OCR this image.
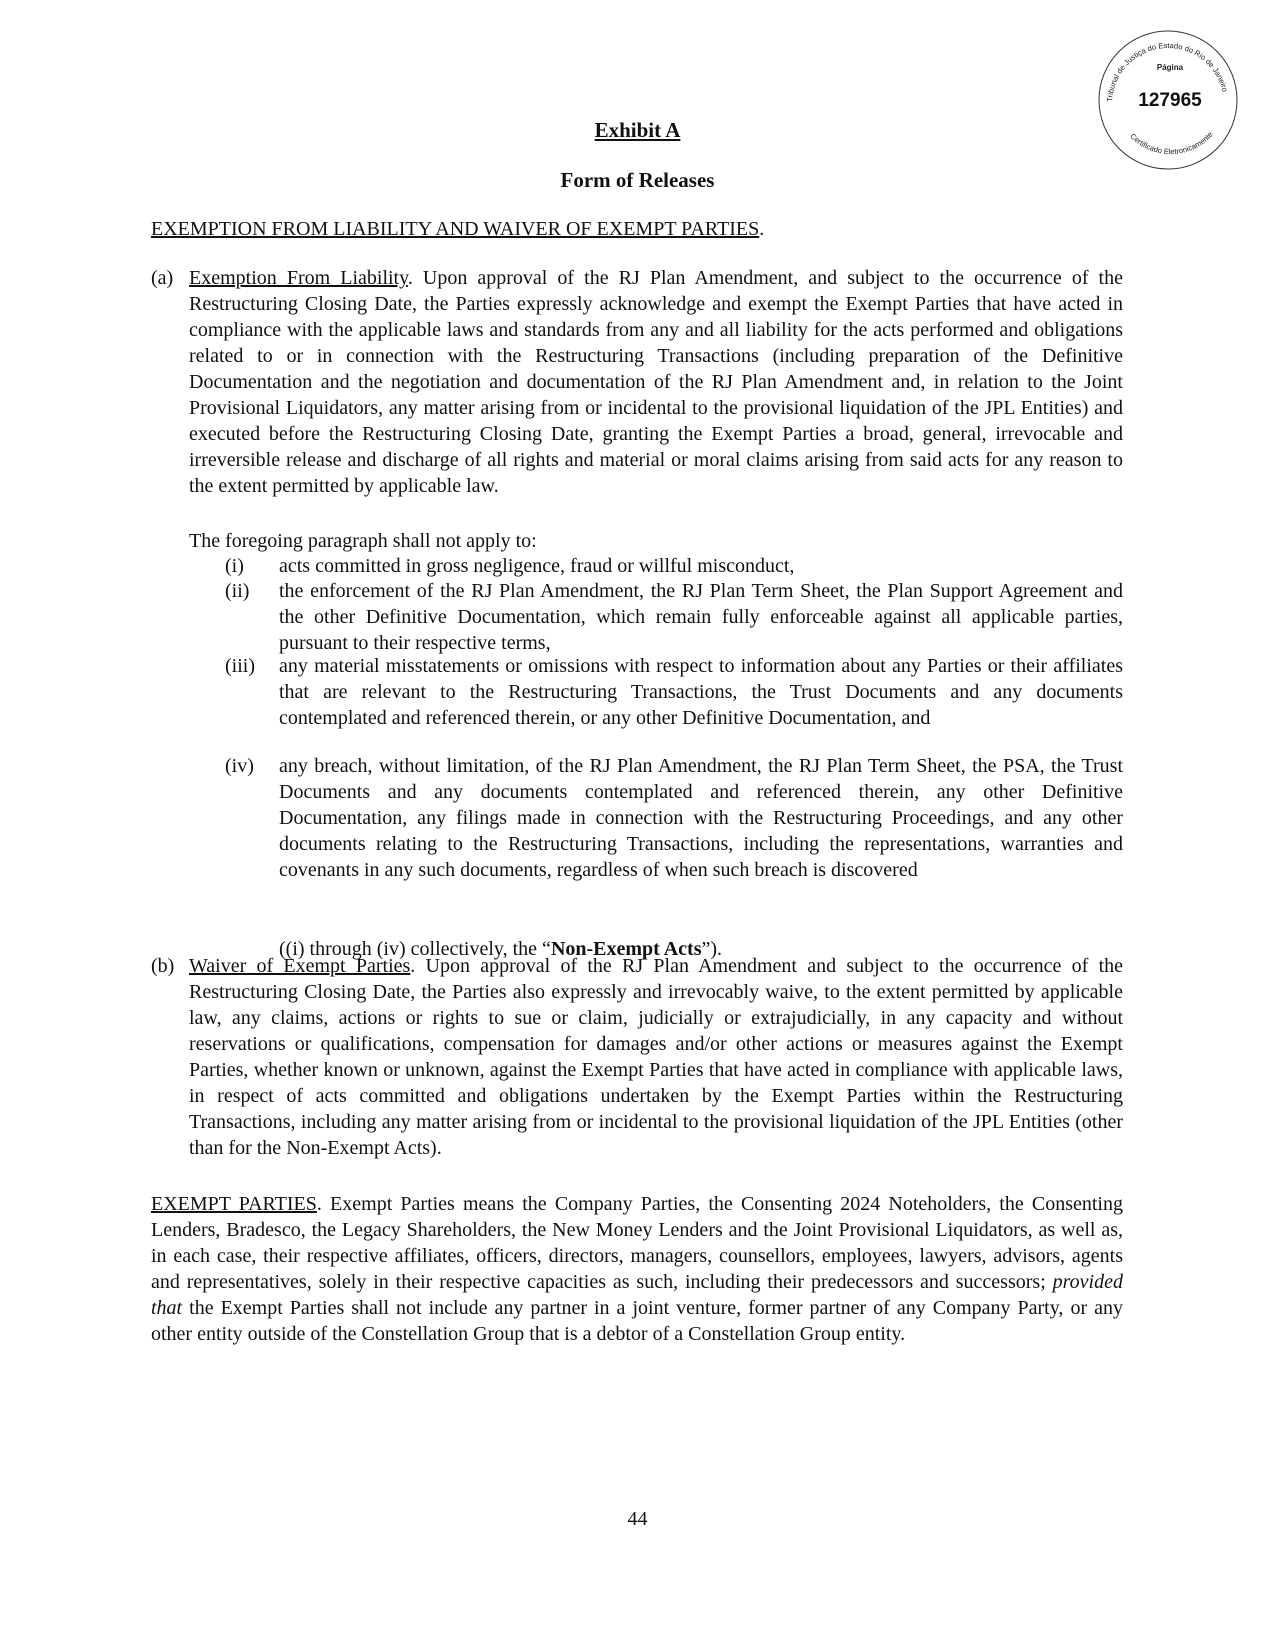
Tribunal de Justiça do Estado do Rio de Janeiro
Certificado Eletronicamente
Página
127965
Exhibit A
Form of Releases
EXEMPTION FROM LIABILITY AND WAIVER OF EXEMPT PARTIES.
(a) Exemption From Liability. Upon approval of the RJ Plan Amendment, and subject to the occurrence of the Restructuring Closing Date, the Parties expressly acknowledge and exempt the Exempt Parties that have acted in compliance with the applicable laws and standards from any and all liability for the acts performed and obligations related to or in connection with the Restructuring Transactions (including preparation of the Definitive Documentation and the negotiation and documentation of the RJ Plan Amendment and, in relation to the Joint Provisional Liquidators, any matter arising from or incidental to the provisional liquidation of the JPL Entities) and executed before the Restructuring Closing Date, granting the Exempt Parties a broad, general, irrevocable and irreversible release and discharge of all rights and material or moral claims arising from said acts for any reason to the extent permitted by applicable law.
The foregoing paragraph shall not apply to:
(i) acts committed in gross negligence, fraud or willful misconduct,
(ii) the enforcement of the RJ Plan Amendment, the RJ Plan Term Sheet, the Plan Support Agreement and the other Definitive Documentation, which remain fully enforceable against all applicable parties, pursuant to their respective terms,
(iii) any material misstatements or omissions with respect to information about any Parties or their affiliates that are relevant to the Restructuring Transactions, the Trust Documents and any documents contemplated and referenced therein, or any other Definitive Documentation, and
(iv) any breach, without limitation, of the RJ Plan Amendment, the RJ Plan Term Sheet, the PSA, the Trust Documents and any documents contemplated and referenced therein, any other Definitive Documentation, any filings made in connection with the Restructuring Proceedings, and any other documents relating to the Restructuring Transactions, including the representations, warranties and covenants in any such documents, regardless of when such breach is discovered
((i) through (iv) collectively, the “Non-Exempt Acts”).
(b) Waiver of Exempt Parties. Upon approval of the RJ Plan Amendment and subject to the occurrence of the Restructuring Closing Date, the Parties also expressly and irrevocably waive, to the extent permitted by applicable law, any claims, actions or rights to sue or claim, judicially or extrajudicially, in any capacity and without reservations or qualifications, compensation for damages and/or other actions or measures against the Exempt Parties, whether known or unknown, against the Exempt Parties that have acted in compliance with applicable laws, in respect of acts committed and obligations undertaken by the Exempt Parties within the Restructuring Transactions, including any matter arising from or incidental to the provisional liquidation of the JPL Entities (other than for the Non-Exempt Acts).
EXEMPT PARTIES. Exempt Parties means the Company Parties, the Consenting 2024 Noteholders, the Consenting Lenders, Bradesco, the Legacy Shareholders, the New Money Lenders and the Joint Provisional Liquidators, as well as, in each case, their respective affiliates, officers, directors, managers, counsellors, employees, lawyers, advisors, agents and representatives, solely in their respective capacities as such, including their predecessors and successors; provided that the Exempt Parties shall not include any partner in a joint venture, former partner of any Company Party, or any other entity outside of the Constellation Group that is a debtor of a Constellation Group entity.
44
